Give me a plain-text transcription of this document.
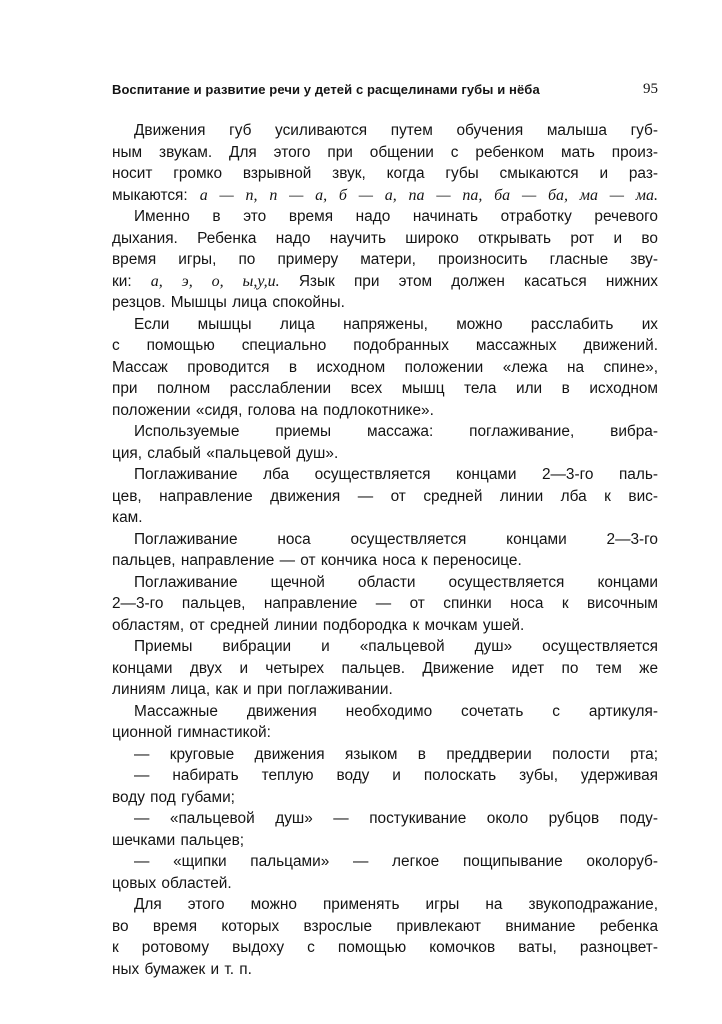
Воспитание и развитие речи у детей с расщелинами губы и нёба	95
Движения губ усиливаются путем обучения малыша губ-
ным звукам. Для этого при общении с ребенком мать произ-
носит громко взрывной звук, когда губы смыкаются и раз-
мыкаются: а — п, п — а, б — а, па — па, ба — ба, ма — ма.
Именно в это время надо начинать отработку речевого
дыхания. Ребенка надо научить широко открывать рот и во
время игры, по примеру матери, произносить гласные зву-
ки: а, э, о, ы,у,и. Язык при этом должен касаться нижних
резцов. Мышцы лица спокойны.
Если мышцы лица напряжены, можно расслабить их
с помощью специально подобранных массажных движений.
Массаж проводится в исходном положении «лежа на спине»,
при полном расслаблении всех мышц тела или в исходном
положении «сидя, голова на подлокотнике».
Используемые приемы массажа: поглаживание, вибра-
ция, слабый «пальцевой душ».
Поглаживание лба осуществляется концами 2—3-го паль-
цев, направление движения — от средней линии лба к вис-
кам.
Поглаживание носа осуществляется концами 2—3-го
пальцев, направление — от кончика носа к переносице.
Поглаживание щечной области осуществляется концами
2—3-го пальцев, направление — от спинки носа к височным
областям, от средней линии подбородка к мочкам ушей.
Приемы вибрации и «пальцевой душ» осуществляется
концами двух и четырех пальцев. Движение идет по тем же
линиям лица, как и при поглаживании.
Массажные движения необходимо сочетать с артикуля-
ционной гимнастикой:
— круговые движения языком в преддверии полости рта;
— набирать теплую воду и полоскать зубы, удерживая
воду под губами;
— «пальцевой душ» — постукивание около рубцов поду-
шечками пальцев;
— «щипки пальцами» — легкое пощипывание околоруб-
цовых областей.
Для этого можно применять игры на звукоподражание,
во время которых взрослые привлекают внимание ребенка
к ротовому выдоху с помощью комочков ваты, разноцвет-
ных бумажек и т. п.
